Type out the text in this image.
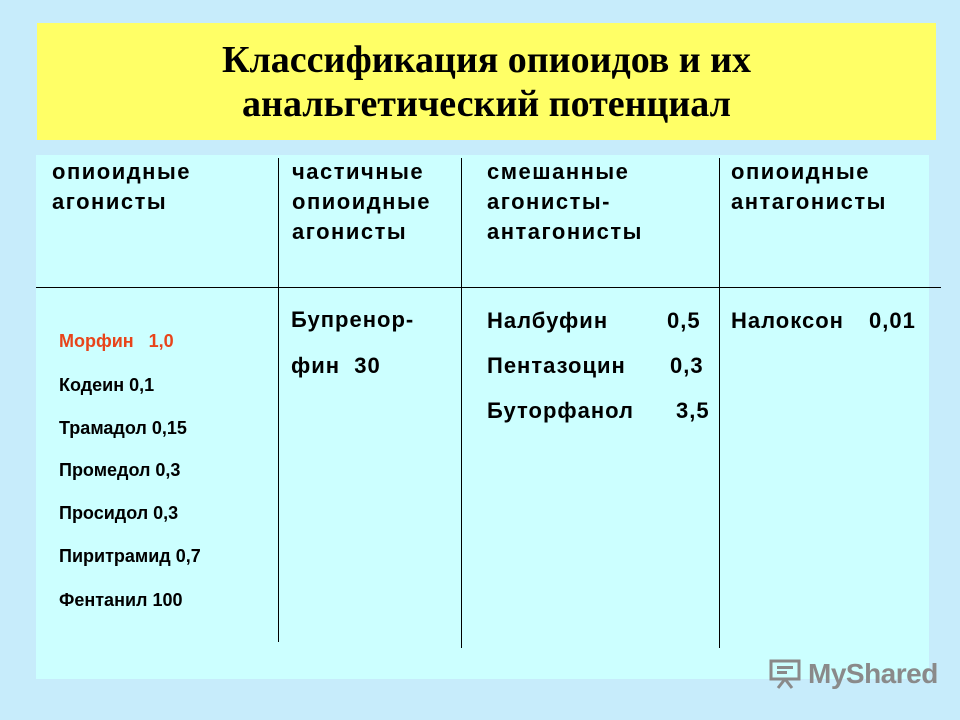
Классификация опиоидов и их
анальгетический потенциал
опиоидные
агонисты
частичные
опиоидные
агонисты
смешанные
агонисты-
антагонисты
опиоидные
антагонисты
Морфин   1,0
Кодеин 0,1
Трамадол 0,15
Промедол 0,3
Просидол 0,3
Пиритрамид 0,7
Фентанил 100
Бупренор-
фин  30
Налбуфин	0,5
Пентазоцин 0,3
Буторфанол 3,5
Налоксон 0,01
MyShared
